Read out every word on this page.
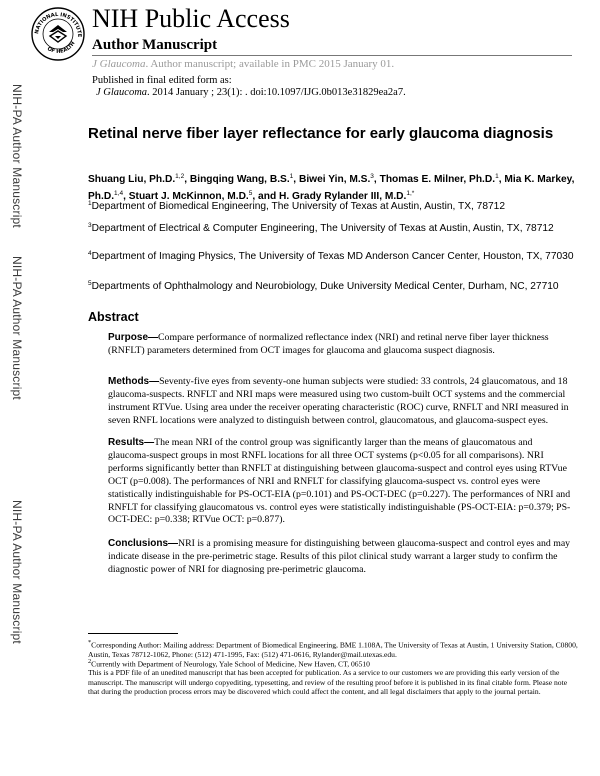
NATIONAL INSTITUTE
OF HEALTH
NIH Public Access
Author Manuscript
J Glaucoma. Author manuscript; available in PMC 2015 January 01.
Published in final edited form as:
J Glaucoma. 2014 January ; 23(1): . doi:10.1097/IJG.0b013e31829ea2a7.
NIH-PA Author Manuscript
NIH-PA Author Manuscript
NIH-PA Author Manuscript
Retinal nerve fiber layer reflectance for early glaucoma diagnosis
Shuang Liu, Ph.D.$^{1,2}$, Bingqing Wang, B.S.$^1$, Biwei Yin, M.S.$^3$, Thomas E. Milner, Ph.D.$^1$, Mia K. Markey, Ph.D.$^{1,4}$, Stuart J. McKinnon, M.D.$^5$, and H. Grady Rylander III, M.D.$^{1,*}$
$^1$Department of Biomedical Engineering, The University of Texas at Austin, Austin, TX, 78712
$^3$Department of Electrical & Computer Engineering, The University of Texas at Austin, Austin, TX, 78712
$^4$Department of Imaging Physics, The University of Texas MD Anderson Cancer Center, Houston, TX, 77030
$^5$Departments of Ophthalmology and Neurobiology, Duke University Medical Center, Durham, NC, 27710
Abstract
Purpose—Compare performance of normalized reflectance index (NRI) and retinal nerve fiber layer thickness (RNFLT) parameters determined from OCT images for glaucoma and glaucoma suspect diagnosis.
Methods—Seventy-five eyes from seventy-one human subjects were studied: 33 controls, 24 glaucomatous, and 18 glaucoma-suspects. RNFLT and NRI maps were measured using two custom-built OCT systems and the commercial instrument RTVue. Using area under the receiver operating characteristic (ROC) curve, RNFLT and NRI measured in seven RNFL locations were analyzed to distinguish between control, glaucomatous, and glaucoma-suspect eyes.
Results—The mean NRI of the control group was significantly larger than the means of glaucomatous and glaucoma-suspect groups in most RNFL locations for all three OCT systems (p<0.05 for all comparisons). NRI performs significantly better than RNFLT at distinguishing between glaucoma-suspect and control eyes using RTVue OCT (p=0.008). The performances of NRI and RNFLT for classifying glaucoma-suspect vs. control eyes were statistically indistinguishable for PS-OCT-EIA (p=0.101) and PS-OCT-DEC (p=0.227). The performances of NRI and RNFLT for classifying glaucomatous vs. control eyes were statistically indistinguishable (PS-OCT-EIA: p=0.379; PS-OCT-DEC: p=0.338; RTVue OCT: p=0.877).
Conclusions—NRI is a promising measure for distinguishing between glaucoma-suspect and control eyes and may indicate disease in the pre-perimetric stage. Results of this pilot clinical study warrant a larger study to confirm the diagnostic power of NRI for diagnosing pre-perimetric glaucoma.
*Corresponding Author: Mailing address: Department of Biomedical Engineering, BME 1.108A, The University of Texas at Austin, 1 University Station, C0800, Austin, Texas 78712-1062, Phone: (512) 471-1995, Fax: (512) 471-0616, Rylander@mail.utexas.edu.
$^2$Currently with Department of Neurology, Yale School of Medicine, New Haven, CT, 06510
This is a PDF file of an unedited manuscript that has been accepted for publication. As a service to our customers we are providing this early version of the manuscript. The manuscript will undergo copyediting, typesetting, and review of the resulting proof before it is published in its final citable form. Please note that during the production process errors may be discovered which could affect the content, and all legal disclaimers that apply to the journal pertain.
